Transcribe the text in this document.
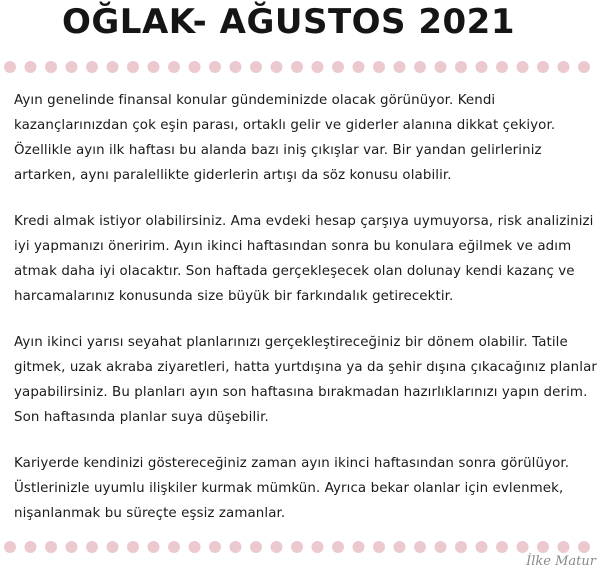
OĞLAK- AĞUSTOS 2021

Ayın genelinde finansal konular gündeminizde olacak görünüyor. Kendi kazançlarınızdan çok eşin parası, ortaklı gelir ve giderler alanına dikkat çekiyor. Özellikle ayın ilk haftası bu alanda bazı iniş çıkışlar var. Bir yandan gelirleriniz artarken, aynı paralellikte giderlerin artışı da söz konusu olabilir.

Kredi almak istiyor olabilirsiniz. Ama evdeki hesap çarşıya uymuyorsa, risk analizinizi iyi yapmanızı öneririm. Ayın ikinci haftasından sonra bu konulara eğilmek ve adım atmak daha iyi olacaktır. Son haftada gerçekleşecek olan dolunay kendi kazanç ve harcamalarınız konusunda size büyük bir farkındalık getirecektir.

Ayın ikinci yarısı seyahat planlarınızı gerçekleştireceğiniz bir dönem olabilir. Tatile gitmek, uzak akraba ziyaretleri, hatta yurtdışına ya da şehir dışına çıkacağınız planlar yapabilirsiniz. Bu planları ayın son haftasına bırakmadan hazırlıklarınızı yapın derim. Son haftasında planlar suya düşebilir.

Kariyerde kendinizi göstereceğiniz zaman ayın ikinci haftasından sonra görülüyor. Üstlerinizle uyumlu ilişkiler kurmak mümkün. Ayrıca bekar olanlar için evlenmek, nişanlanmak bu süreçte eşsiz zamanlar.

İlke Matur
